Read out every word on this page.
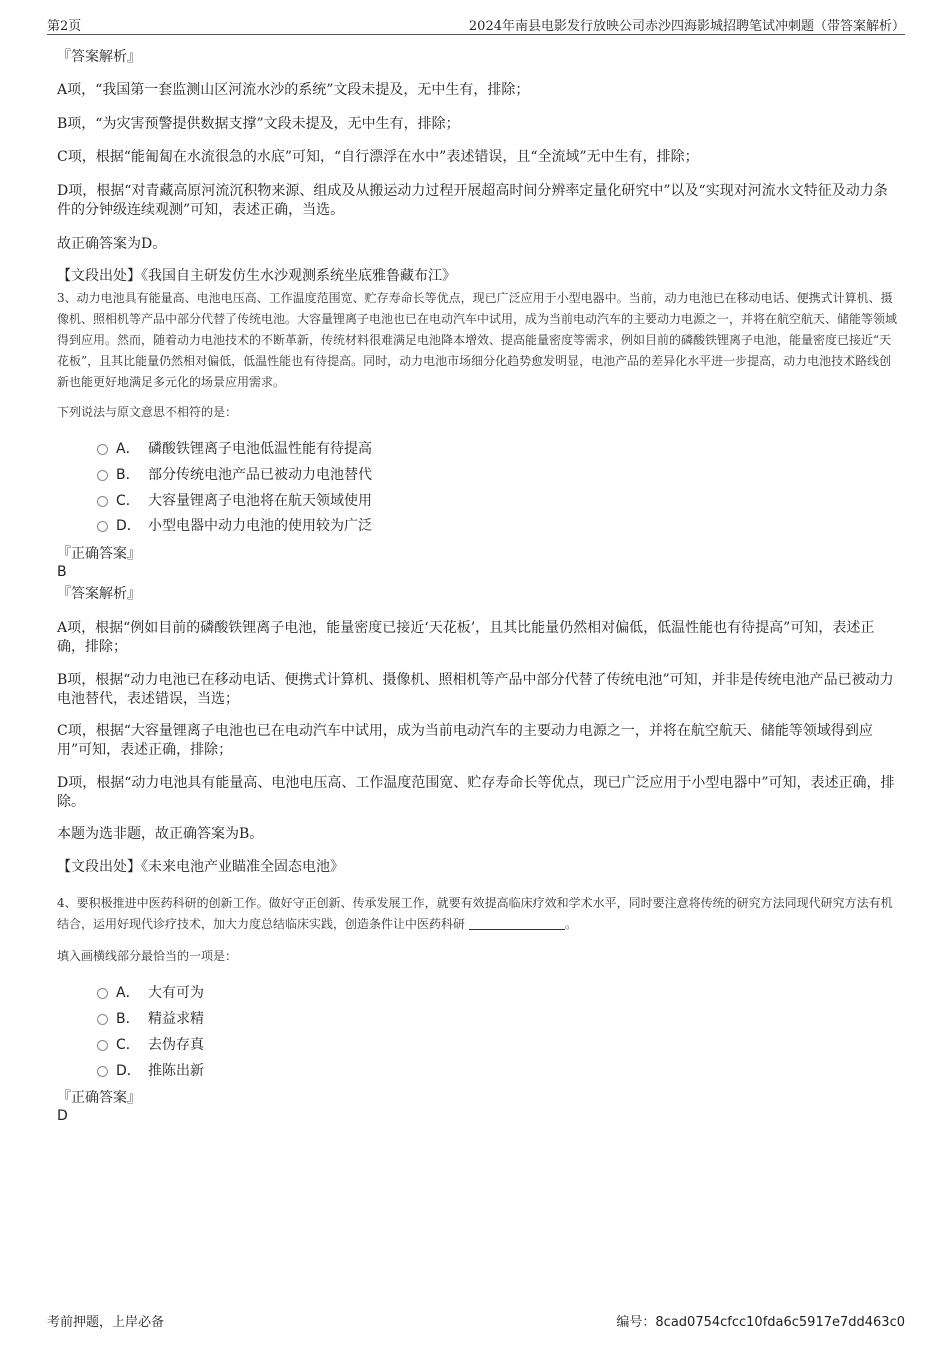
第2页	2024年南县电影发行放映公司赤沙四海影城招聘笔试冲刺题（带答案解析）
『答案解析』
A项，“我国第一套监测山区河流水沙的系统”文段未提及，无中生有，排除；
B项，“为灾害预警提供数据支撑”文段未提及，无中生有，排除；
C项，根据“能匍匐在水流很急的水底”可知，“自行漂浮在水中”表述错误，且“全流域”无中生有，排除；
D项，根据“对青藏高原河流沉积物来源、组成及从搬运动力过程开展超高时间分辨率定量化研究中”以及“实现对河流水文特征及动力条件的分钟级连续观测”可知，表述正确，当选。
故正确答案为D。
【文段出处】《我国自主研发仿生水沙观测系统坐底雅鲁藏布江》
3、动力电池具有能量高、电池电压高、工作温度范围宽、贮存寿命长等优点，现已广泛应用于小型电器中。当前，动力电池已在移动电话、便携式计算机、摄像机、照相机等产品中部分代替了传统电池。大容量锂离子电池也已在电动汽车中试用，成为当前电动汽车的主要动力电源之一，并将在航空航天、储能等领域得到应用。然而，随着动力电池技术的不断革新，传统材料很难满足电池降本增效、提高能量密度等需求，例如目前的磷酸铁锂离子电池，能量密度已接近“天花板”，且其比能量仍然相对偏低，低温性能也有待提高。同时，动力电池市场细分化趋势愈发明显，电池产品的差异化水平进一步提高，动力电池技术路线创新也能更好地满足多元化的场景应用需求。
下列说法与原文意思不相符的是：
A． 磷酸铁锂离子电池低温性能有待提高
B． 部分传统电池产品已被动力电池替代
C． 大容量锂离子电池将在航天领域使用
D． 小型电器中动力电池的使用较为广泛
『正确答案』
B
『答案解析』
A项，根据“例如目前的磷酸铁锂离子电池，能量密度已接近‘天花板’，且其比能量仍然相对偏低，低温性能也有待提高”可知，表述正确，排除；
B项，根据“动力电池已在移动电话、便携式计算机、摄像机、照相机等产品中部分代替了传统电池”可知，并非是传统电池产品已被动力电池替代，表述错误，当选；
C项，根据“大容量锂离子电池也已在电动汽车中试用，成为当前电动汽车的主要动力电源之一，并将在航空航天、储能等领域得到应用”可知，表述正确，排除；
D项，根据“动力电池具有能量高、电池电压高、工作温度范围宽、贮存寿命长等优点，现已广泛应用于小型电器中”可知，表述正确，排除。
本题为选非题，故正确答案为B。
【文段出处】《未来电池产业瞄准全固态电池》
4、要积极推进中医药科研的创新工作。做好守正创新、传承发展工作，就要有效提高临床疗效和学术水平，同时要注意将传统的研究方法同现代研究方法有机结合，运用好现代诊疗技术，加大力度总结临床实践，创造条件让中医药科研	。
填入画横线部分最恰当的一项是：
A． 大有可为
B． 精益求精
C． 去伪存真
D． 推陈出新
『正确答案』
D
考前押题，上岸必备	编号：8cad0754cfcc10fda6c5917e7dd463c0
